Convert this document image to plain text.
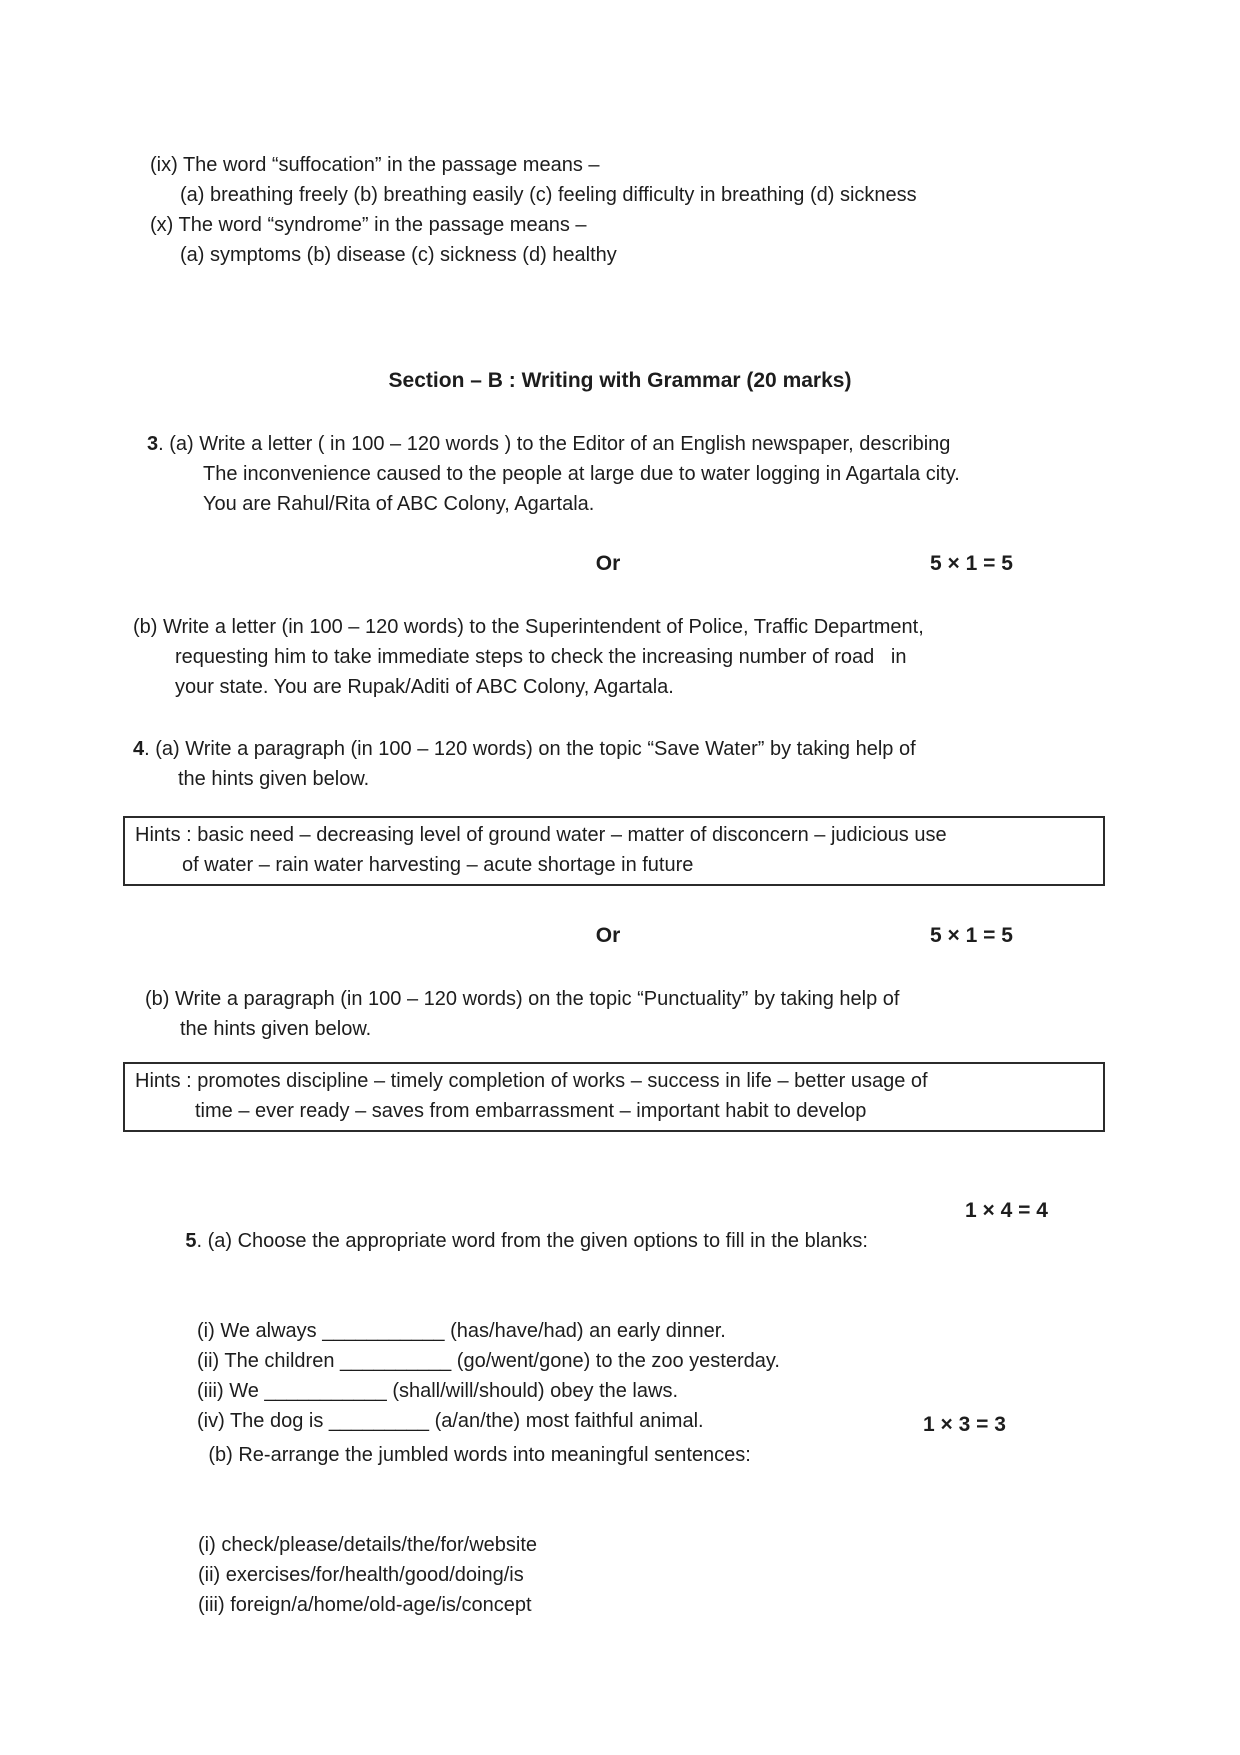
(ix) The word “suffocation” in the passage means –
(a) breathing freely (b) breathing easily (c) feeling difficulty in breathing (d) sickness
(x) The word “syndrome” in the passage means –
(a) symptoms (b) disease (c) sickness (d) healthy
Section – B : Writing with Grammar (20 marks)
3. (a) Write a letter ( in 100 – 120 words ) to the Editor of an English newspaper, describing
The inconvenience caused to the people at large due to water logging in Agartala city.
You are Rahul/Rita of ABC Colony, Agartala.
Or	5 × 1 = 5
(b) Write a letter (in 100 – 120 words) to the Superintendent of Police, Traffic Department,
requesting him to take immediate steps to check the increasing number of road   in
your state. You are Rupak/Aditi of ABC Colony, Agartala.
4. (a) Write a paragraph (in 100 – 120 words) on the topic “Save Water” by taking help of
the hints given below.
Hints : basic need – decreasing level of ground water – matter of disconcern – judicious use
of water – rain water harvesting – acute shortage in future
Or	5 × 1 = 5
(b) Write a paragraph (in 100 – 120 words) on the topic “Punctuality” by taking help of
the hints given below.
Hints : promotes discipline – timely completion of works – success in life – better usage of
time – ever ready – saves from embarrassment – important habit to develop

5. (a) Choose the appropriate word from the given options to fill in the blanks:

1 × 4 = 4

(i) We always ___________ (has/have/had) an early dinner.
(ii) The children __________ (go/went/gone) to the zoo yesterday.
(iii) We ___________ (shall/will/should) obey the laws.
(iv) The dog is _________ (a/an/the) most faithful animal.

(b) Re-arrange the jumbled words into meaningful sentences:

1 × 3 = 3

(i) check/please/details/the/for/website
(ii) exercises/for/health/good/doing/is
(iii) foreign/a/home/old-age/is/concept
